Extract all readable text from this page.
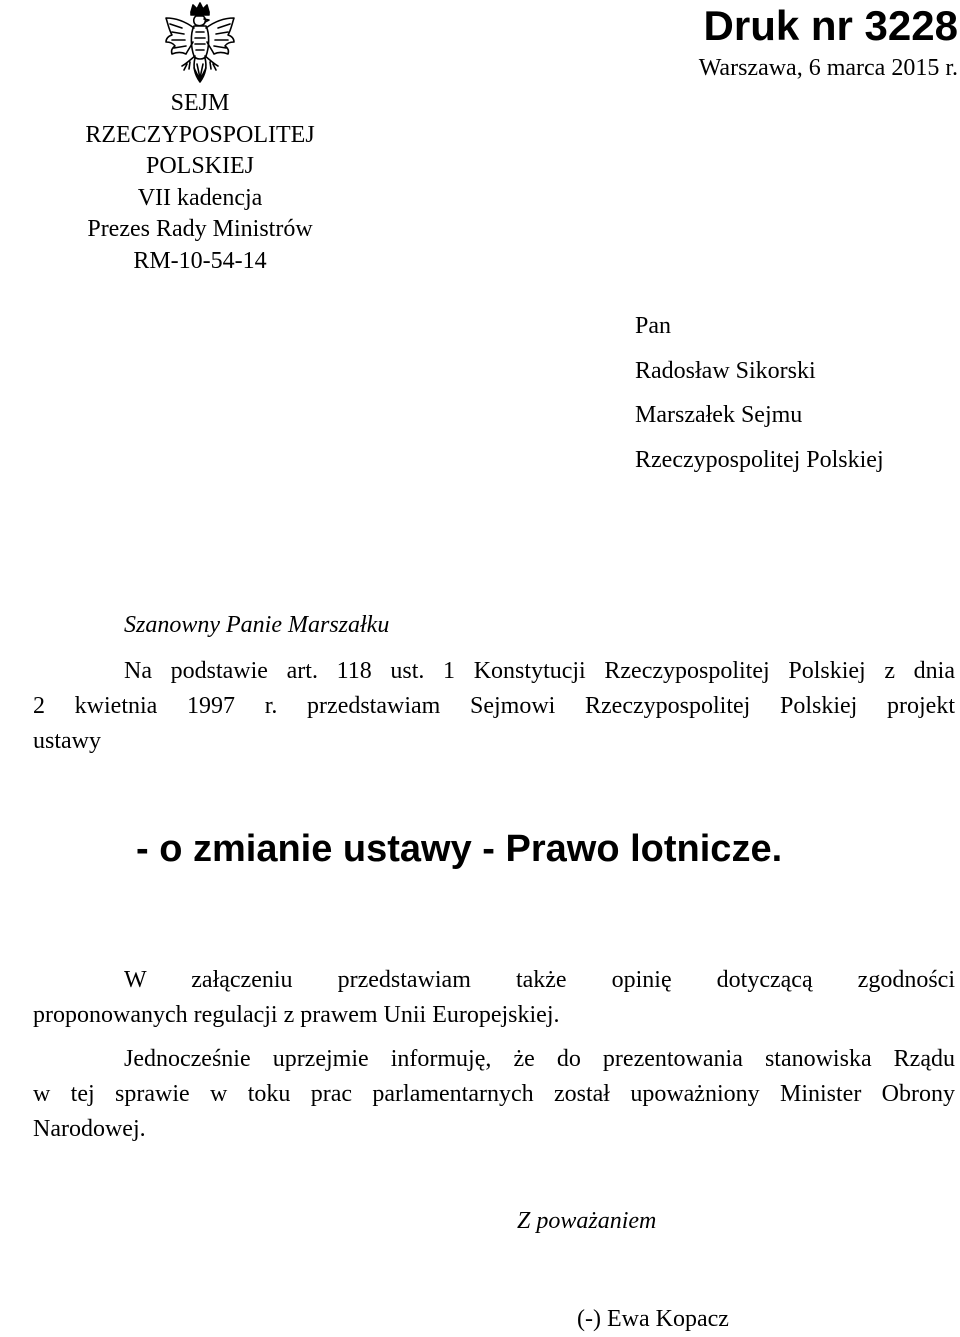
SEJM
RZECZYPOSPOLITEJ POLSKIEJ
VII kadencja
Prezes Rady Ministrów
RM-10-54-14
Druk nr 3228
Warszawa, 6 marca 2015 r.
Pan
Radosław Sikorski
Marszałek Sejmu
Rzeczypospolitej Polskiej
Szanowny Panie Marszałku
Na podstawie art. 118 ust. 1 Konstytucji Rzeczypospolitej Polskiej z dnia
2 kwietnia 1997 r. przedstawiam Sejmowi Rzeczypospolitej Polskiej projekt
ustawy
- o zmianie ustawy - Prawo lotnicze.
W załączeniu przedstawiam także opinię dotyczącą zgodności
proponowanych regulacji z prawem Unii Europejskiej.
Jednocześnie uprzejmie informuję, że do prezentowania stanowiska Rządu
w tej sprawie w toku prac parlamentarnych został upoważniony Minister Obrony
Narodowej.
Z poważaniem
(-) Ewa Kopacz
